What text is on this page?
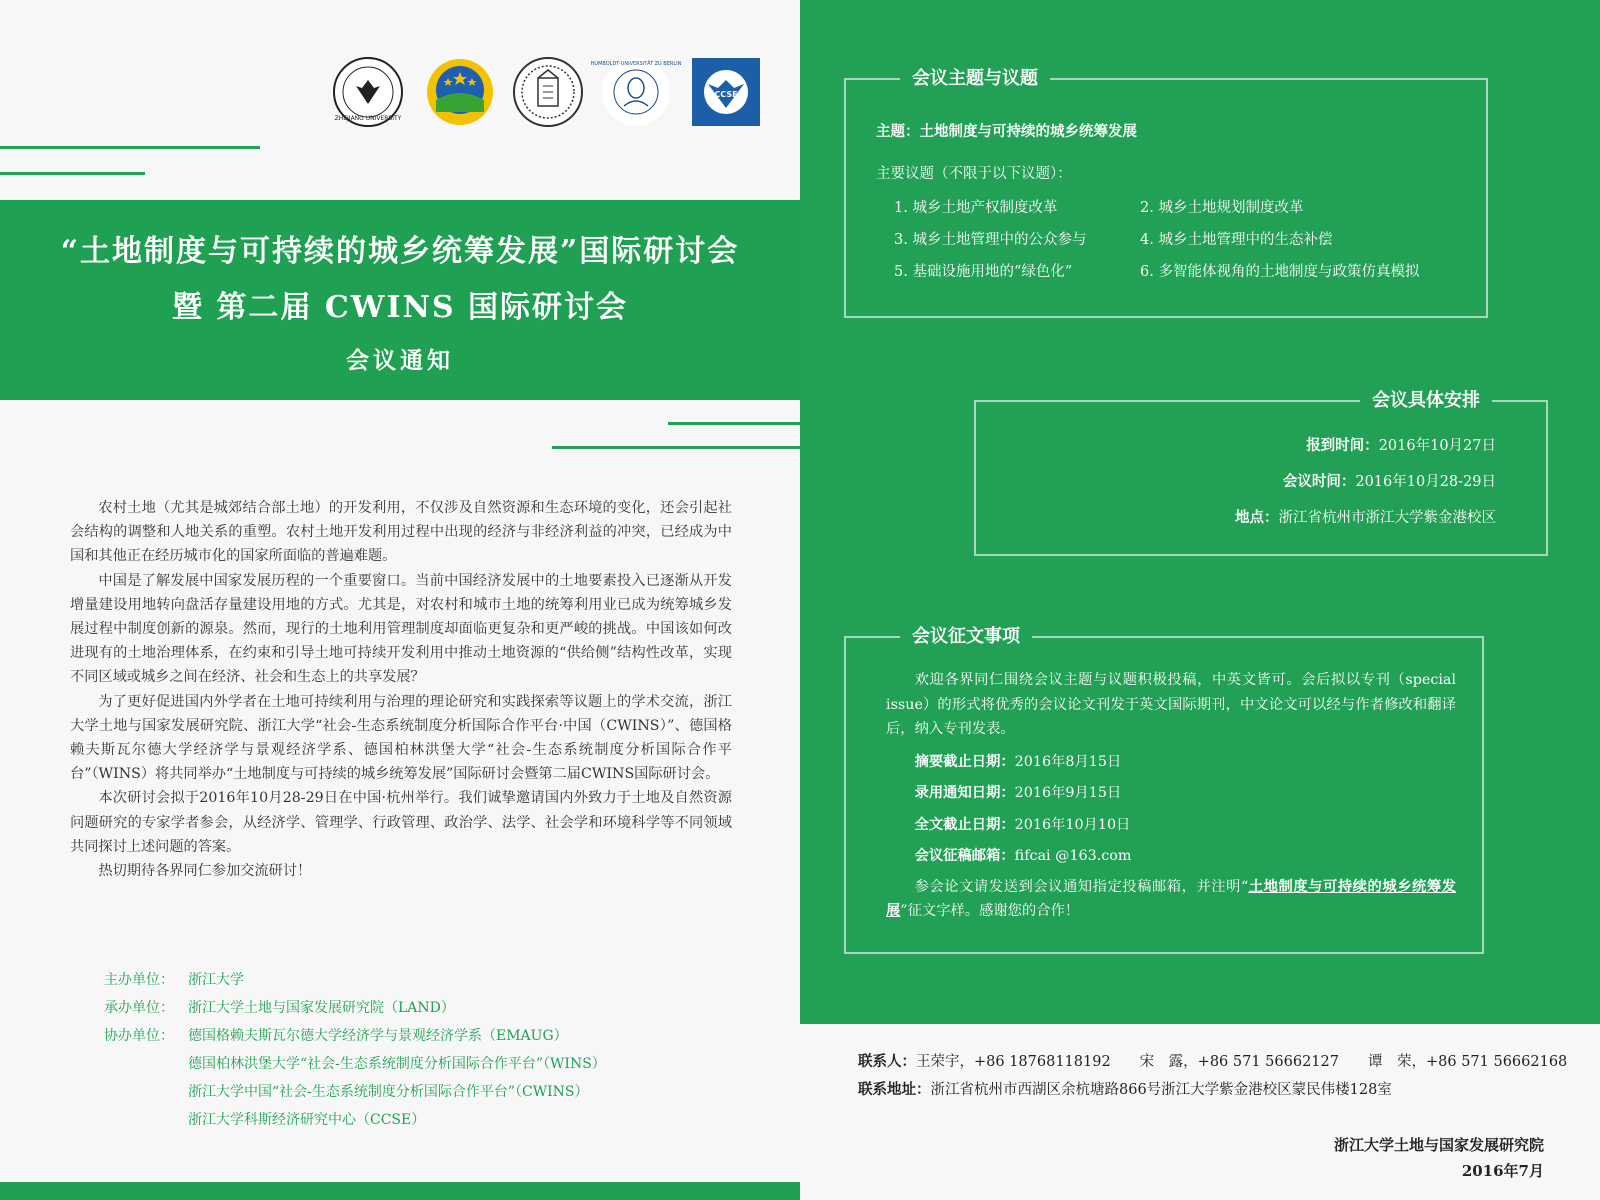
ZHEJIANG UNIVERSITY
HUMBOLDT-UNIVERSITÄT ZU BERLIN
CCSE
“土地制度与可持续的城乡统筹发展”国际研讨会
暨 第二届 CWINS 国际研讨会
会议通知

农村土地（尤其是城郊结合部土地）的开发利用，不仅涉及自然资源和生态环境的变化，还会引起社会结构的调整和人地关系的重塑。农村土地开发利用过程中出现的经济与非经济利益的冲突，已经成为中国和其他正在经历城市化的国家所面临的普遍难题。

中国是了解发展中国家发展历程的一个重要窗口。当前中国经济发展中的土地要素投入已逐渐从开发增量建设用地转向盘活存量建设用地的方式。尤其是，对农村和城市土地的统筹利用业已成为统筹城乡发展过程中制度创新的源泉。然而，现行的土地利用管理制度却面临更复杂和更严峻的挑战。中国该如何改进现有的土地治理体系，在约束和引导土地可持续开发利用中推动土地资源的“供给侧”结构性改革，实现不同区域或城乡之间在经济、社会和生态上的共享发展？

为了更好促进国内外学者在土地可持续利用与治理的理论研究和实践探索等议题上的学术交流，浙江大学土地与国家发展研究院、浙江大学“社会-生态系统制度分析国际合作平台·中国（CWINS）”、德国格赖夫斯瓦尔德大学经济学与景观经济学系、德国柏林洪堡大学“社会-生态系统制度分析国际合作平台”（WINS）将共同举办“土地制度与可持续的城乡统筹发展”国际研讨会暨第二届CWINS国际研讨会。

本次研讨会拟于2016年10月28-29日在中国·杭州举行。我们诚挚邀请国内外致力于土地及自然资源问题研究的专家学者参会，从经济学、管理学、行政管理、政治学、法学、社会学和环境科学等不同领域共同探讨上述问题的答案。

热切期待各界同仁参加交流研讨！

主办单位：	浙江大学
承办单位：	浙江大学土地与国家发展研究院（LAND）
协办单位：	德国格赖夫斯瓦尔德大学经济学与景观经济学系（EMAUG）
德国柏林洪堡大学“社会-生态系统制度分析国际合作平台”（WINS）
浙江大学中国“社会-生态系统制度分析国际合作平台”（CWINS）
浙江大学科斯经济研究中心（CCSE）
会议主题与议题
主题：土地制度与可持续的城乡统筹发展
主要议题（不限于以下议题）：
1. 城乡土地产权制度改革	2. 城乡土地规划制度改革
3. 城乡土地管理中的公众参与	4. 城乡土地管理中的生态补偿
5. 基础设施用地的“绿色化”	6. 多智能体视角的土地制度与政策仿真模拟
会议具体安排
报到时间：2016年10月27日
会议时间：2016年10月28-29日
地点：浙江省杭州市浙江大学紫金港校区
会议征文事项

欢迎各界同仁围绕会议主题与议题积极投稿，中英文皆可。会后拟以专刊（special issue）的形式将优秀的会议论文刊发于英文国际期刊，中文论文可以经与作者修改和翻译后，纳入专刊发表。

摘要截止日期：2016年8月15日
录用通知日期：2016年9月15日
全文截止日期：2016年10月10日
会议征稿邮箱：fifcai @163.com

参会论文请发送到会议通知指定投稿邮箱，并注明“土地制度与可持续的城乡统筹发展”征文字样。感谢您的合作！

联系人：王荣宇，+86 18768118192　　宋　露，+86 571 56662127　　谭　荣，+86 571 56662168
联系地址：浙江省杭州市西湖区余杭塘路866号浙江大学紫金港校区蒙民伟楼128室
浙江大学土地与国家发展研究院
2016年7月
